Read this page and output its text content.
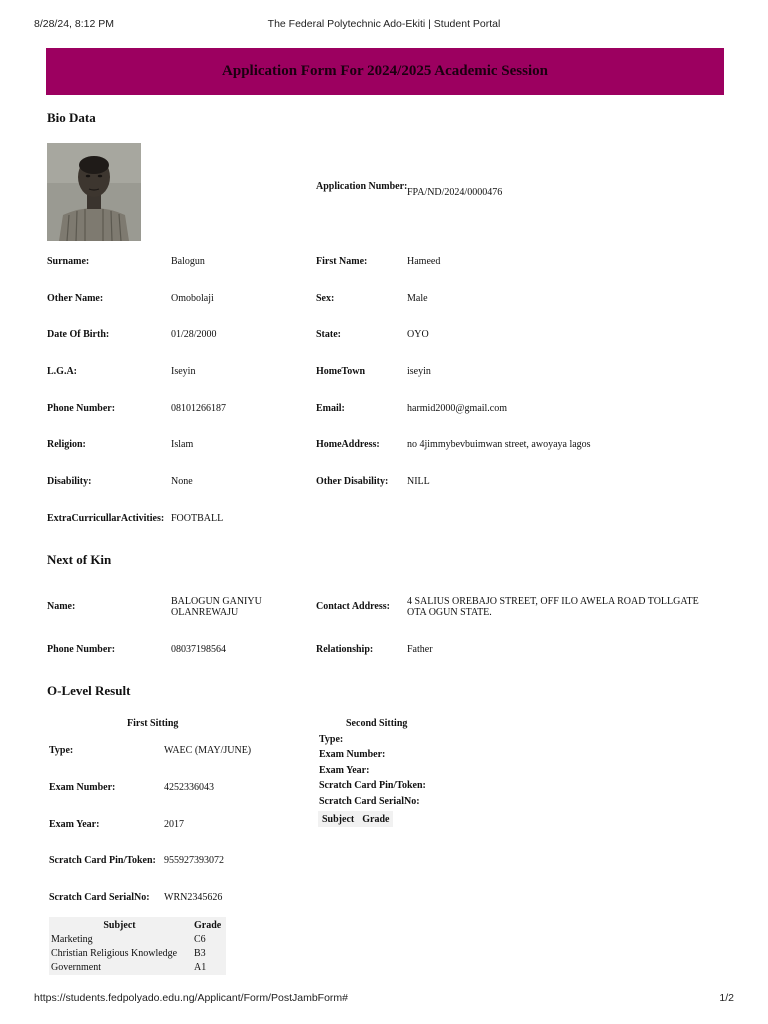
8/28/24, 8:12 PM	The Federal Polytechnic Ado-Ekiti | Student Portal
Application Form For 2024/2025 Academic Session
Bio Data
Application Number:
FPA/ND/2024/0000476
Surname:	Balogun	First Name:	Hameed
Other Name:	Omobolaji	Sex:	Male
Date Of Birth:	01/28/2000	State:	OYO
L.G.A:	Iseyin	HomeTown	iseyin
Phone Number:	08101266187	Email:	harmid2000@gmail.com
Religion:	Islam	HomeAddress:	no 4jimmybevbuimwan street, awoyaya lagos
Disability:	None	Other Disability: NILL
ExtraCurricullarActivities: FOOTBALL
Next of Kin
Name:	BALOGUN GANIYU
OLANREWAJU
Contact Address: 4 SALIUS OREBAJO STREET, OFF ILO AWELA ROAD TOLLGATE
OTA OGUN STATE.
Phone Number:	08037198564	Relationship:	Father
O-Level Result
First Sitting
Type:	WAEC (MAY/JUNE)
Exam Number:	4252336043
Exam Year:	2017
Scratch Card Pin/Token: 955927393072
Scratch Card SerialNo: WRN2345626
Subject	Grade
Marketing	C6
Christian Religious Knowledge	B3
Government	A1
Second Sitting
Type:
Exam Number:
Exam Year:
Scratch Card Pin/Token:
Scratch Card SerialNo:
Subject	Grade
https://students.fedpolyado.edu.ng/Applicant/Form/PostJambForm#	1/2
